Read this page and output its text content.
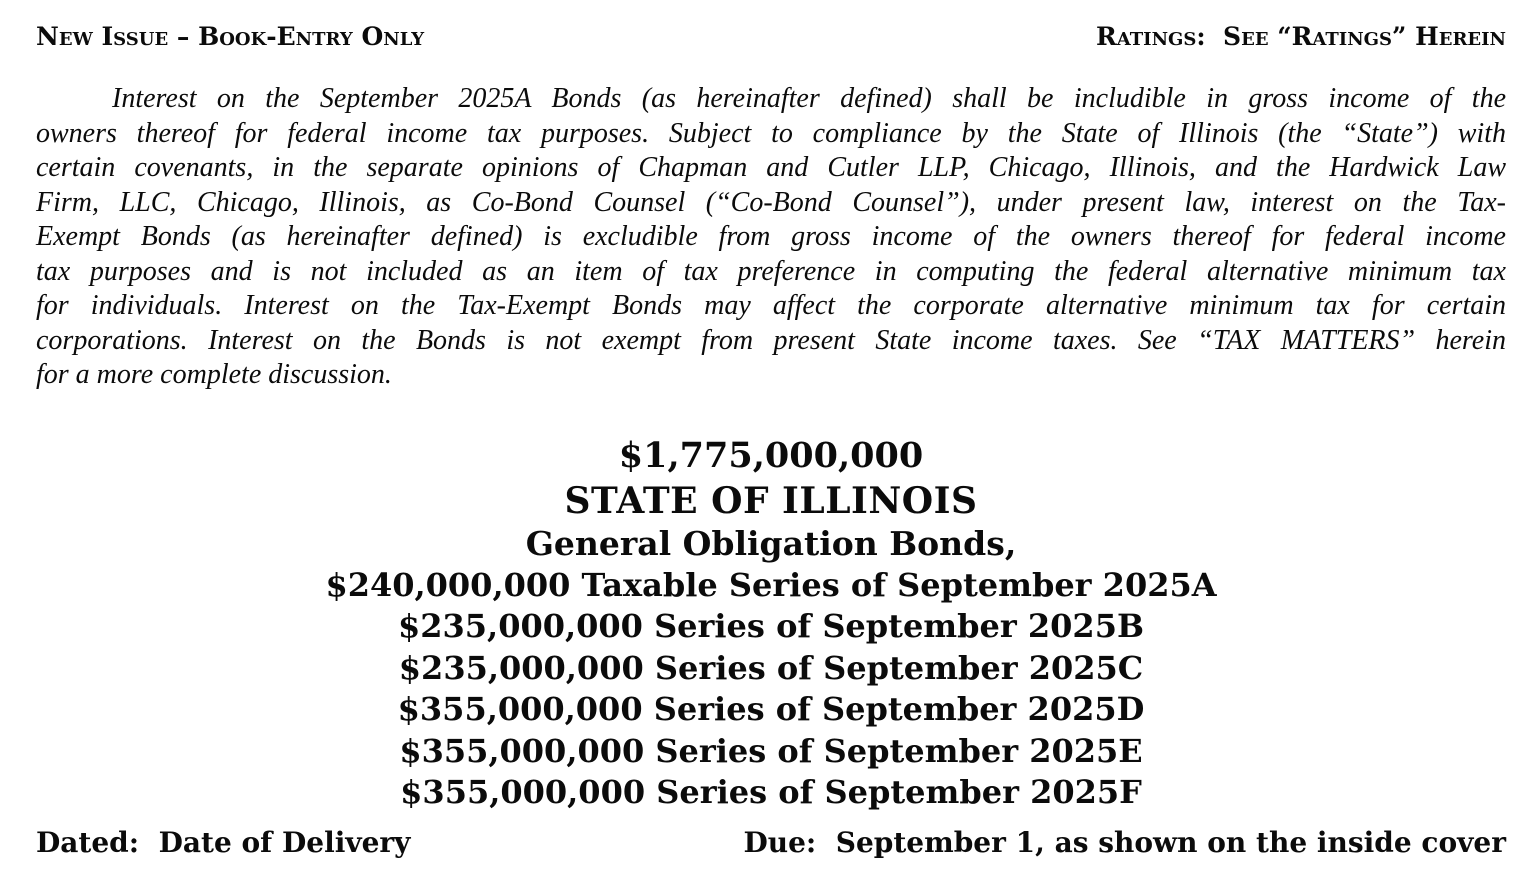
New Issue – Book-Entry Only	Ratings:  See “Ratings” Herein
Interest on the September 2025A Bonds (as hereinafter defined) shall be includible in gross income of the
owners thereof for federal income tax purposes. Subject to compliance by the State of Illinois (the “State”) with
certain covenants, in the separate opinions of Chapman and Cutler LLP, Chicago, Illinois, and the Hardwick Law
Firm, LLC, Chicago, Illinois, as Co-Bond Counsel (“Co-Bond Counsel”), under present law, interest on the Tax-
Exempt Bonds (as hereinafter defined) is excludible from gross income of the owners thereof for federal income
tax purposes and is not included as an item of tax preference in computing the federal alternative minimum tax
for individuals. Interest on the Tax-Exempt Bonds may affect the corporate alternative minimum tax for certain
corporations. Interest on the Bonds is not exempt from present State income taxes. See “TAX MATTERS” herein
for a more complete discussion.
$1,775,000,000
STATE OF ILLINOIS
General Obligation Bonds,
$240,000,000 Taxable Series of September 2025A
$235,000,000 Series of September 2025B
$235,000,000 Series of September 2025C
$355,000,000 Series of September 2025D
$355,000,000 Series of September 2025E
$355,000,000 Series of September 2025F
Dated:  Date of Delivery	Due:  September 1, as shown on the inside cover
